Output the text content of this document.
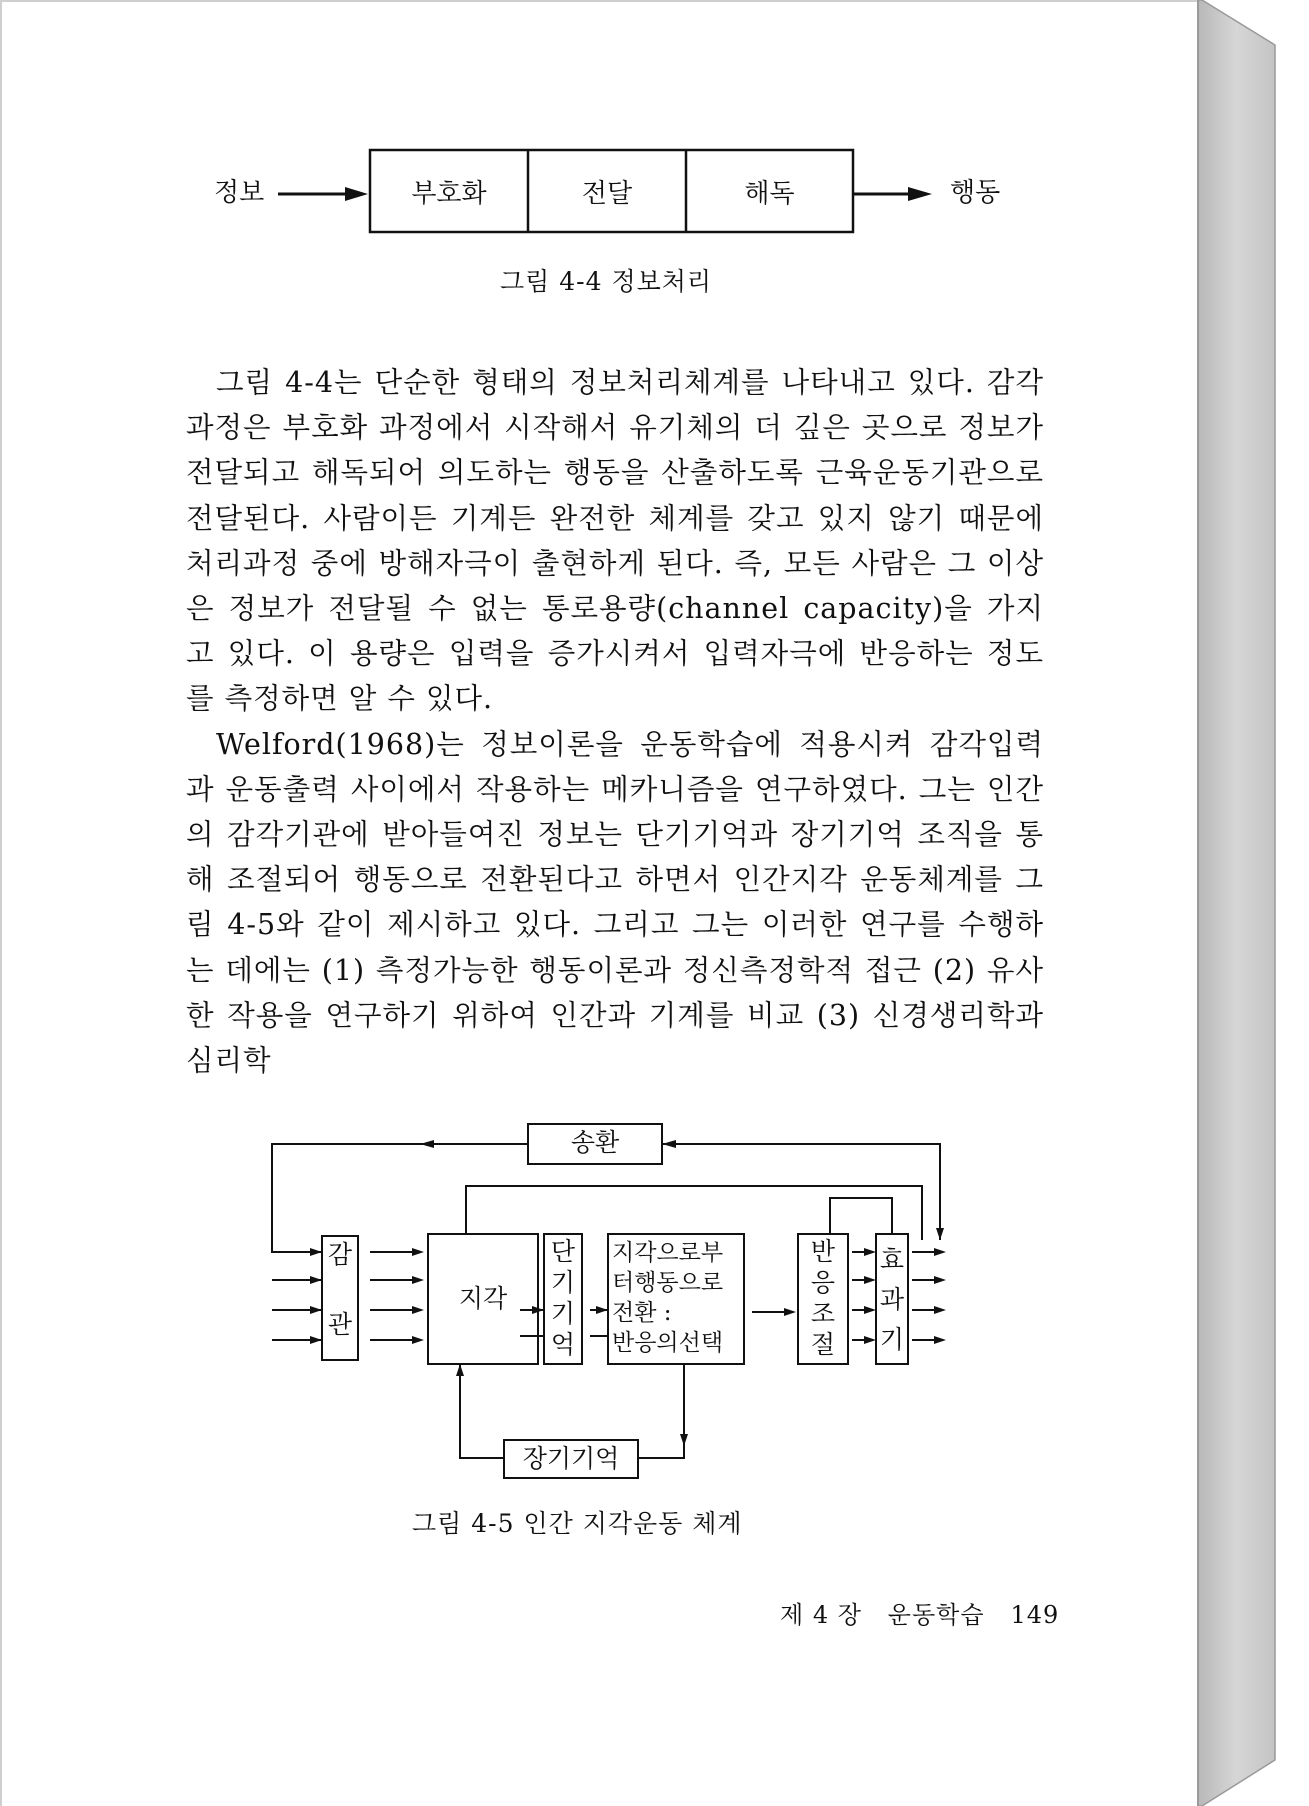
정보	부호화	전달	해독	행동
그림 4-4 정보처리

그림 4-4는 단순한 형태의 정보처리체계를 나타내고 있다. 감각과정은 부호화 과정에서 시작해서 유기체의 더 깊은 곳으로 정보가 전달되고 해독되어 의도하는 행동을 산출하도록 근육운동기관으로 전달된다. 사람이든 기계든 완전한 체계를 갖고 있지 않기 때문에 처리과정 중에 방해자극이 출현하게 된다. 즉, 모든 사람은 그 이상은 정보가 전달될 수 없는 통로용량(channel capacity)을 가지고 있다. 이 용량은 입력을 증가시켜서 입력자극에 반응하는 정도를 측정하면 알 수 있다.

Welford(1968)는 정보이론을 운동학습에 적용시켜 감각입력과 운동출력 사이에서 작용하는 메카니즘을 연구하였다. 그는 인간의 감각기관에 받아들여진 정보는 단기기억과 장기기억 조직을 통해 조절되어 행동으로 전환된다고 하면서 인간지각 운동체계를 그림 4-5와 같이 제시하고 있다. 그리고 그는 이러한 연구를 수행하는 데에는 (1) 측정가능한 행동이론과 정신측정학적 접근 (2) 유사한 작용을 연구하기 위하여 인간과 기계를 비교 (3) 신경생리학과 심리학

송환
감
관
지각
단
기
기
억
지각으로부
터행동으로
전환 :
반응의선택
반
응
조
절
효
과
기
장기기억
그림 4-5 인간 지각운동 체계
제 4 장 운동학습 149
